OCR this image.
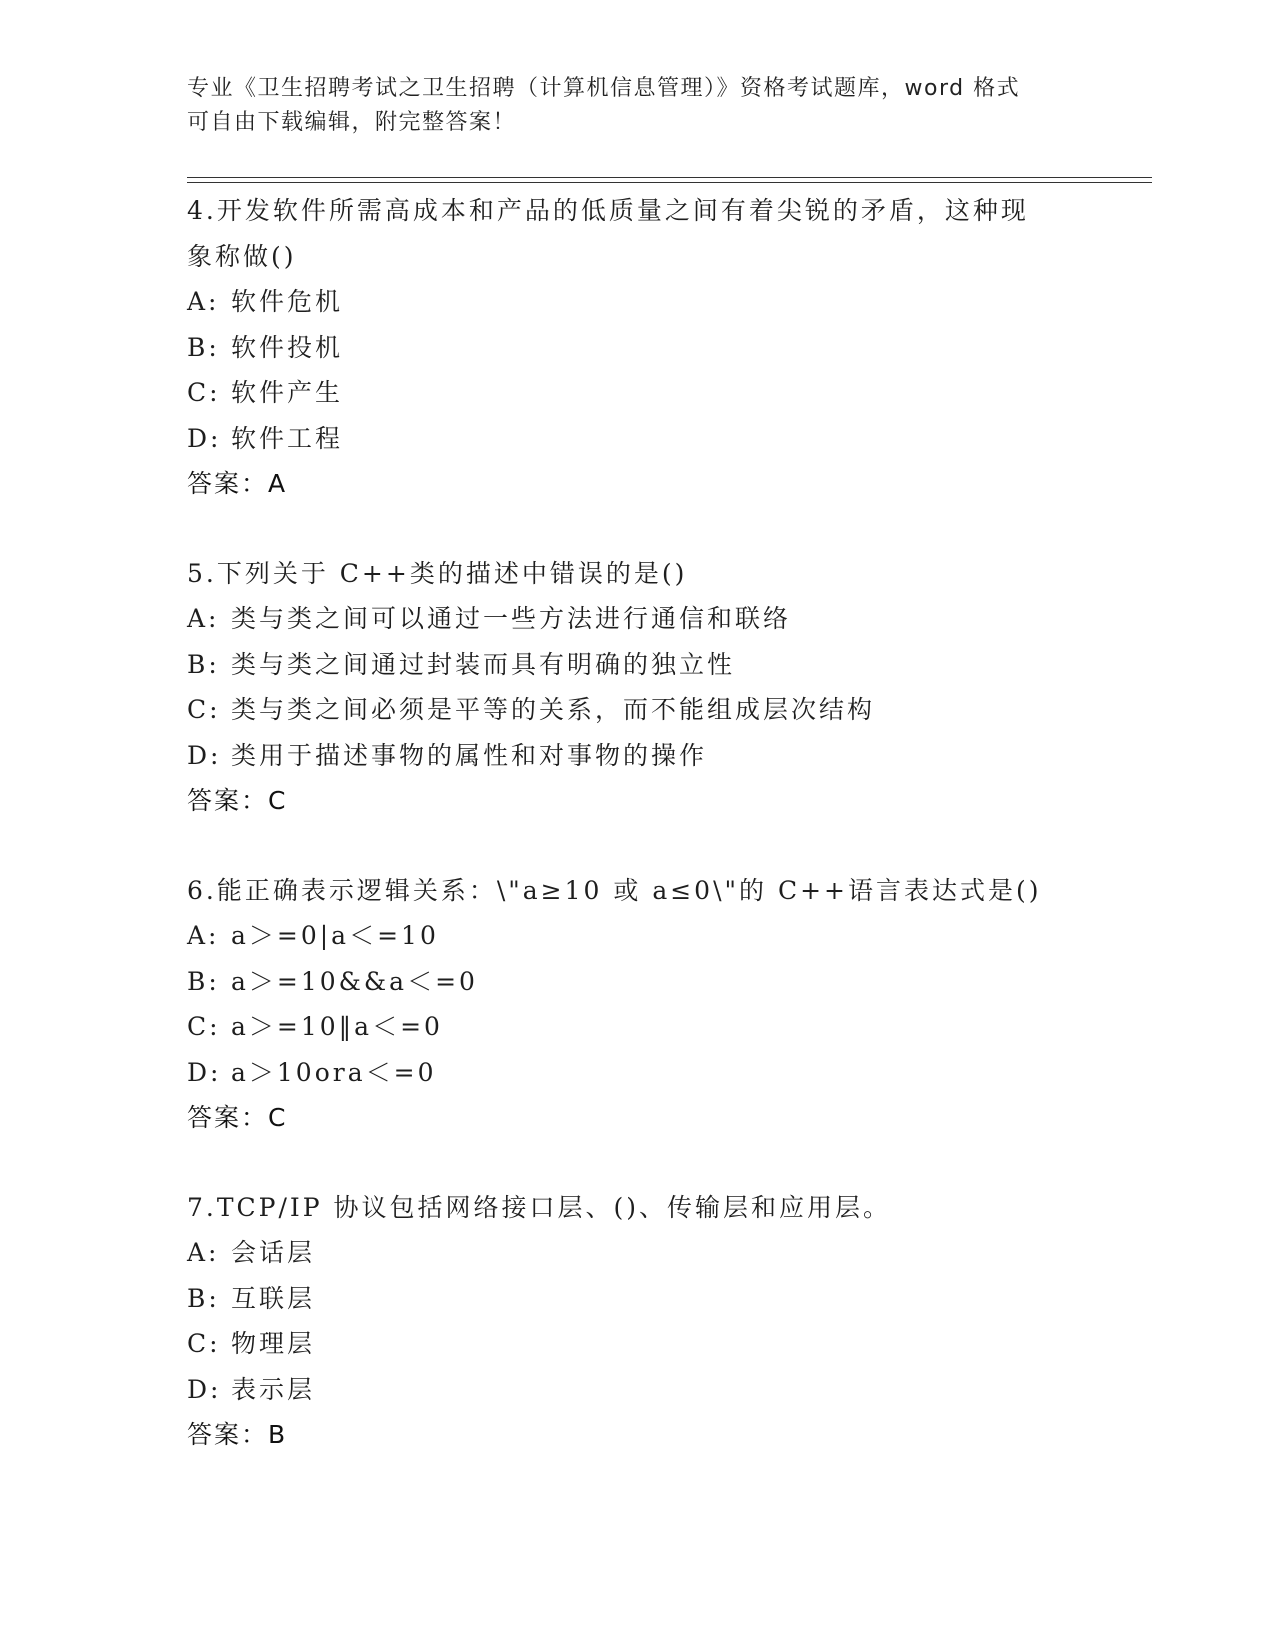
专业《卫生招聘考试之卫生招聘（计算机信息管理）》资格考试题库，word 格式
可自由下载编辑，附完整答案！
4.开发软件所需高成本和产品的低质量之间有着尖锐的矛盾，这种现
象称做()
A: 软件危机
B: 软件投机
C: 软件产生
D: 软件工程
答案：A
5.下列关于 C++类的描述中错误的是()
A: 类与类之间可以通过一些方法进行通信和联络
B: 类与类之间通过封装而具有明确的独立性
C: 类与类之间必须是平等的关系，而不能组成层次结构
D: 类用于描述事物的属性和对事物的操作
答案：C
6.能正确表示逻辑关系：\"a≥10 或 a≤0\"的 C++语言表达式是()
A: a＞=0|a＜=10
B: a＞=10&&a＜=0
C: a＞=10‖a＜=0
D: a＞10ora＜=0
答案：C
7.TCP/IP 协议包括网络接口层、()、传输层和应用层。
A: 会话层
B: 互联层
C: 物理层
D: 表示层
答案：B
